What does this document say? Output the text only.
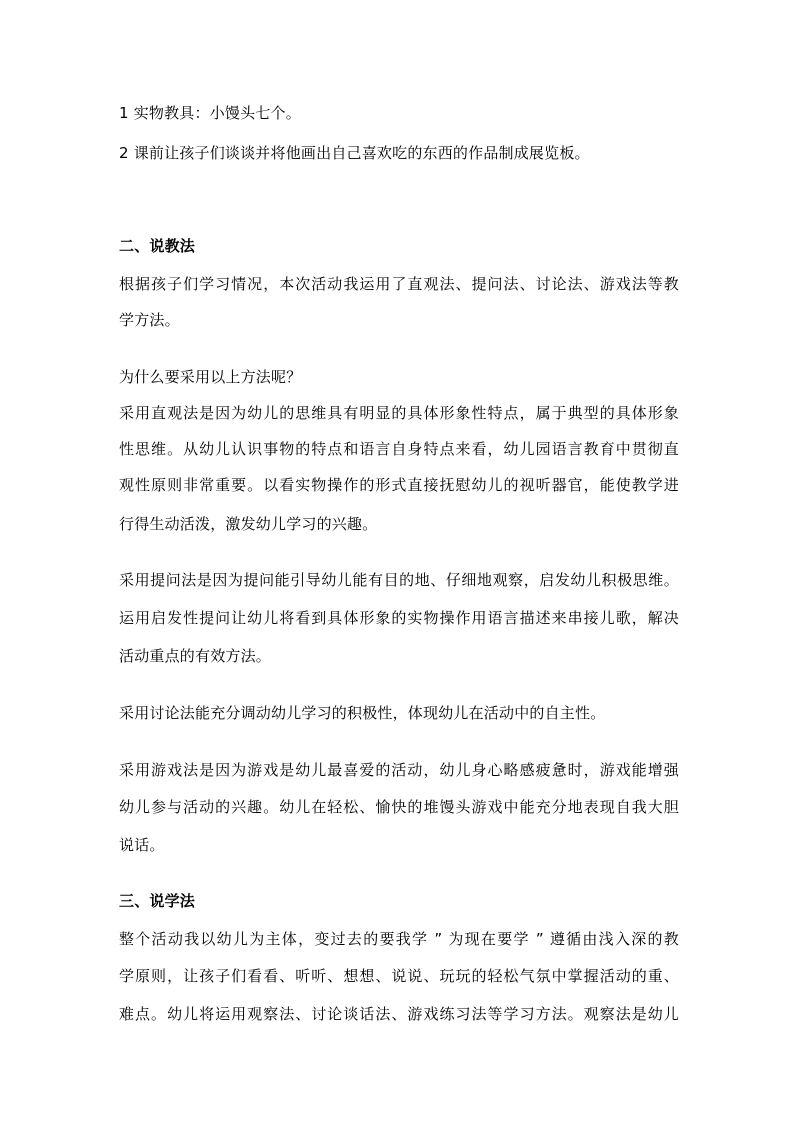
1 实物教具：小馒头七个。
2 课前让孩子们谈谈并将他画出自己喜欢吃的东西的作品制成展览板。
二、说教法
根据孩子们学习情况，本次活动我运用了直观法、提问法、讨论法、游戏法等教
学方法。
为什么要采用以上方法呢？
采用直观法是因为幼儿的思维具有明显的具体形象性特点，属于典型的具体形象
性思维。从幼儿认识事物的特点和语言自身特点来看，幼儿园语言教育中贯彻直
观性原则非常重要。以看实物操作的形式直接抚慰幼儿的视听器官，能使教学进
行得生动活泼，激发幼儿学习的兴趣。
采用提问法是因为提问能引导幼儿能有目的地、仔细地观察，启发幼儿积极思维。
运用启发性提问让幼儿将看到具体形象的实物操作用语言描述来串接儿歌，解决
活动重点的有效方法。
采用讨论法能充分调动幼儿学习的积极性，体现幼儿在活动中的自主性。
采用游戏法是因为游戏是幼儿最喜爱的活动，幼儿身心略感疲惫时，游戏能增强
幼儿参与活动的兴趣。幼儿在轻松、愉快的堆馒头游戏中能充分地表现自我大胆
说话。
三、说学法
整个活动我以幼儿为主体，变过去的要我学 ” 为现在要学 ” 遵循由浅入深的教
学原则，让孩子们看看、听听、想想、说说、玩玩的轻松气氛中掌握活动的重、
难点。幼儿将运用观察法、讨论谈话法、游戏练习法等学习方法。观察法是幼儿
